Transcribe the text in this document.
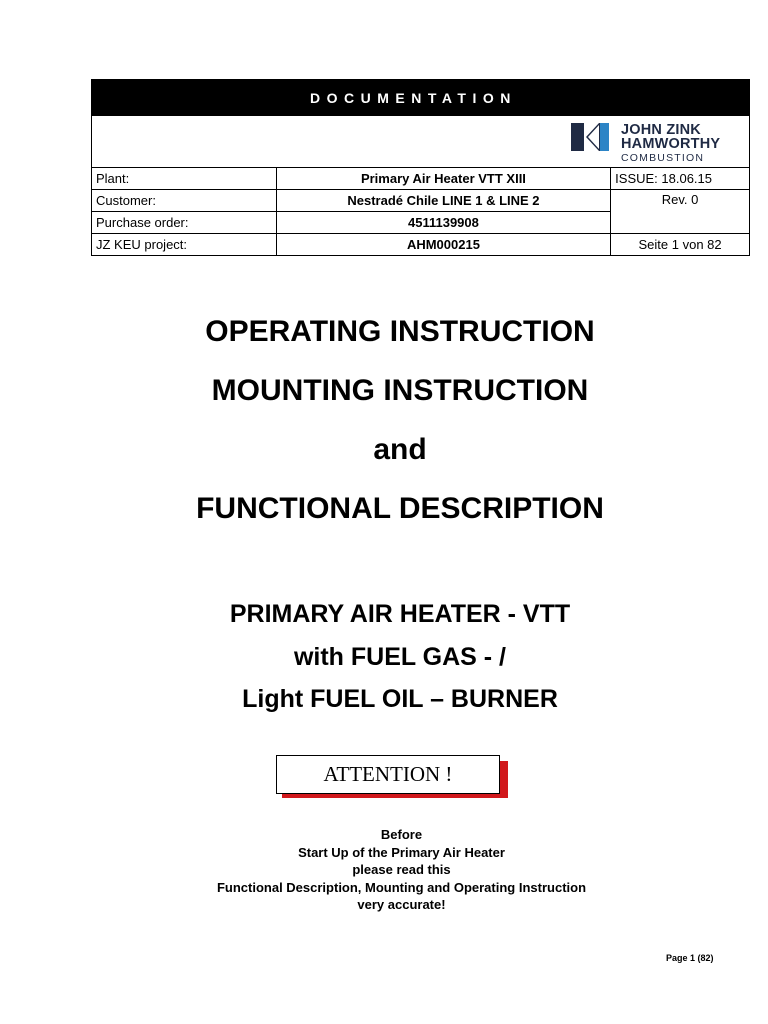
DOCUMENTATION		

JOHN ZINK
HAMWORTHY
COMBUSTION		

Plant:	Primary Air Heater VTT XIII	ISSUE: 18.06.15
Customer:	Nestradé Chile LINE 1 & LINE 2	Rev. 0
Purchase order:	4511139908	
JZ KEU project:	AHM000215	Seite 1 von 82
OPERATING INSTRUCTION
MOUNTING INSTRUCTION
and
FUNCTIONAL DESCRIPTION
PRIMARY AIR HEATER - VTT
with FUEL GAS - /
Light FUEL OIL – BURNER
ATTENTION !
Before
Start Up of the Primary Air Heater
please read this
Functional Description, Mounting and Operating Instruction
very accurate!
Page 1 (82)
